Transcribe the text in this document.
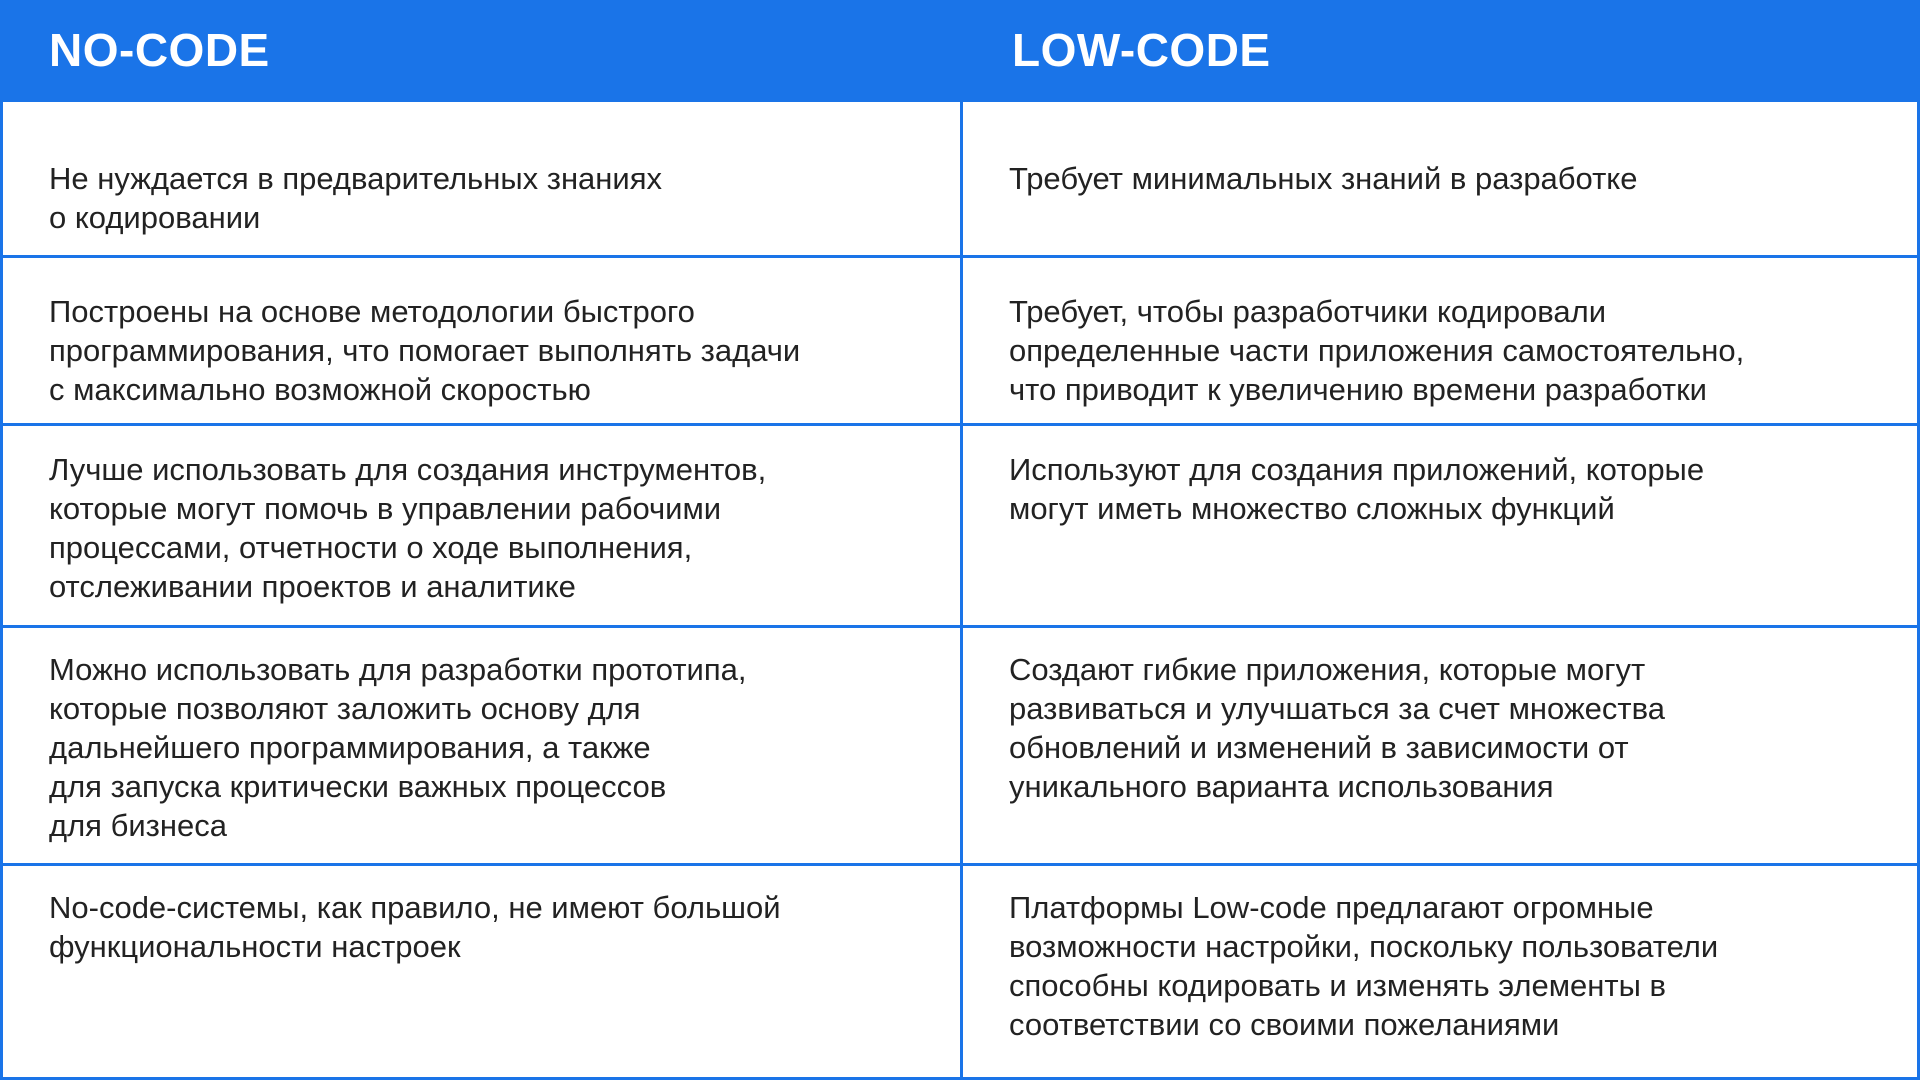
NO-CODE	LOW-CODE
Не нуждается в предварительных знаниях
о кодировании
Требует минимальных знаний в разработке
Построены на основе методологии быстрого
программирования, что помогает выполнять задачи
с максимально возможной скоростью
Требует, чтобы разработчики кодировали
определенные части приложения самостоятельно,
что приводит к увеличению времени разработки
Лучше использовать для создания инструментов,
которые могут помочь в управлении рабочими
процессами, отчетности о ходе выполнения,
отслеживании проектов и аналитике
Используют для создания приложений, которые
могут иметь множество сложных функций
Можно использовать для разработки прототипа,
которые позволяют заложить основу для
дальнейшего программирования, а также
для запуска критически важных процессов
для бизнеса
Создают гибкие приложения, которые могут
развиваться и улучшаться за счет множества
обновлений и изменений в зависимости от
уникального варианта использования
No-code-системы, как правило, не имеют большой
функциональности настроек
Платформы Low-code предлагают огромные
возможности настройки, поскольку пользователи
способны кодировать и изменять элементы в
соответствии со своими пожеланиями
